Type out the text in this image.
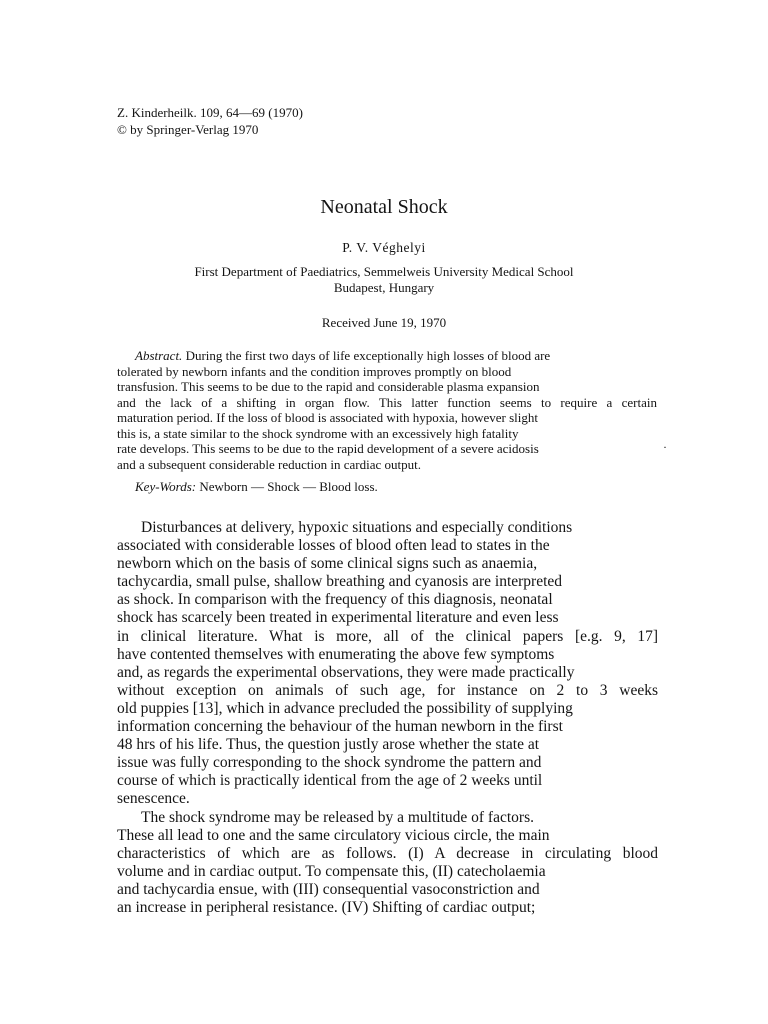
Z. Kinderheilk. 109, 64—69 (1970)
© by Springer-Verlag 1970
Neonatal Shock
P. V. Véghelyi
First Department of Paediatrics, Semmelweis University Medical School
Budapest, Hungary
Received June 19, 1970
Abstract. During the first two days of life exceptionally high losses of blood are
tolerated by newborn infants and the condition improves promptly on blood
transfusion. This seems to be due to the rapid and considerable plasma expansion
and the lack of a shifting in organ flow. This latter function seems to require a certain
maturation period. If the loss of blood is associated with hypoxia, however slight
this is, a state similar to the shock syndrome with an excessively high fatality
rate develops. This seems to be due to the rapid development of a severe acidosis
and a subsequent considerable reduction in cardiac output.
·
Key-Words: Newborn — Shock — Blood loss.
Disturbances at delivery, hypoxic situations and especially conditions
associated with considerable losses of blood often lead to states in the
newborn which on the basis of some clinical signs such as anaemia,
tachycardia, small pulse, shallow breathing and cyanosis are interpreted
as shock. In comparison with the frequency of this diagnosis, neonatal
shock has scarcely been treated in experimental literature and even less
in clinical literature. What is more, all of the clinical papers [e.g. 9, 17]
have contented themselves with enumerating the above few symptoms
and, as regards the experimental observations, they were made practically
without exception on animals of such age, for instance on 2 to 3 weeks
old puppies [13], which in advance precluded the possibility of supplying
information concerning the behaviour of the human newborn in the first
48 hrs of his life. Thus, the question justly arose whether the state at
issue was fully corresponding to the shock syndrome the pattern and
course of which is practically identical from the age of 2 weeks until
senescence.
The shock syndrome may be released by a multitude of factors.
These all lead to one and the same circulatory vicious circle, the main
characteristics of which are as follows. (I) A decrease in circulating blood
volume and in cardiac output. To compensate this, (II) catecholaemia
and tachycardia ensue, with (III) consequential vasoconstriction and
an increase in peripheral resistance. (IV) Shifting of cardiac output;
